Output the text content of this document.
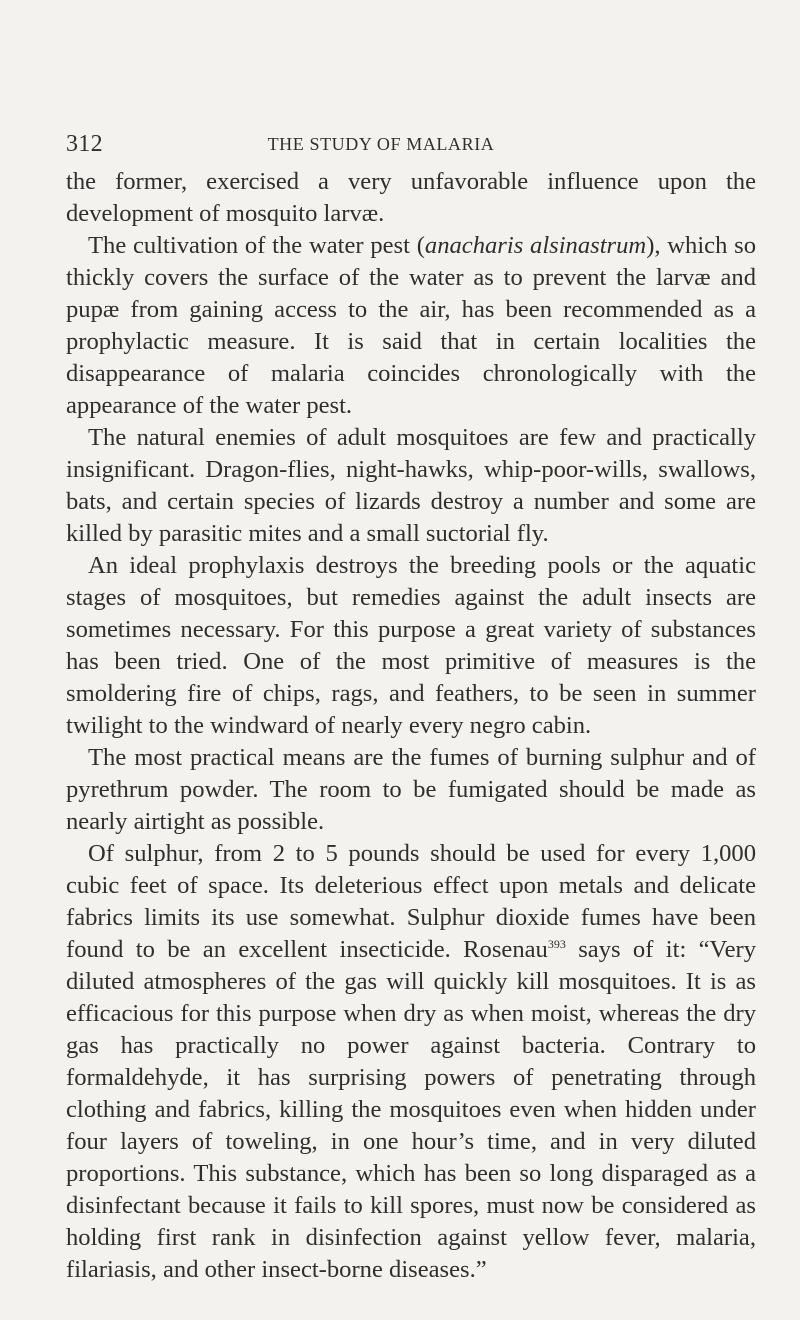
312	THE STUDY OF MALARIA

the former, exercised a very unfavorable influence upon the development of mosquito larvæ.

The cultivation of the water pest (anacharis alsinastrum), which so thickly covers the surface of the water as to prevent the larvæ and pupæ from gaining access to the air, has been recommended as a prophylactic measure. It is said that in certain localities the disappearance of malaria coincides chronologically with the appearance of the water pest.

The natural enemies of adult mosquitoes are few and practically insignificant. Dragon-flies, night-hawks, whip-poor-wills, swallows, bats, and certain species of lizards destroy a number and some are killed by parasitic mites and a small suctorial fly.

An ideal prophylaxis destroys the breeding pools or the aquatic stages of mosquitoes, but remedies against the adult insects are sometimes necessary. For this purpose a great variety of substances has been tried. One of the most primitive of measures is the smoldering fire of chips, rags, and feathers, to be seen in summer twilight to the windward of nearly every negro cabin.

The most practical means are the fumes of burning sulphur and of pyrethrum powder. The room to be fumigated should be made as nearly airtight as possible.

Of sulphur, from 2 to 5 pounds should be used for every 1,000 cubic feet of space. Its deleterious effect upon metals and delicate fabrics limits its use somewhat. Sulphur dioxide fumes have been found to be an excellent insecticide. Rosenau$^{393}$ says of it: “Very diluted atmospheres of the gas will quickly kill mosquitoes. It is as efficacious for this purpose when dry as when moist, whereas the dry gas has practically no power against bacteria. Contrary to formaldehyde, it has surprising powers of penetrating through clothing and fabrics, killing the mosquitoes even when hidden under four layers of toweling, in one hour’s time, and in very diluted proportions. This substance, which has been so long disparaged as a disinfectant because it fails to kill spores, must now be considered as holding first rank in disinfection against yellow fever, malaria, filariasis, and other insect-borne diseases.”
